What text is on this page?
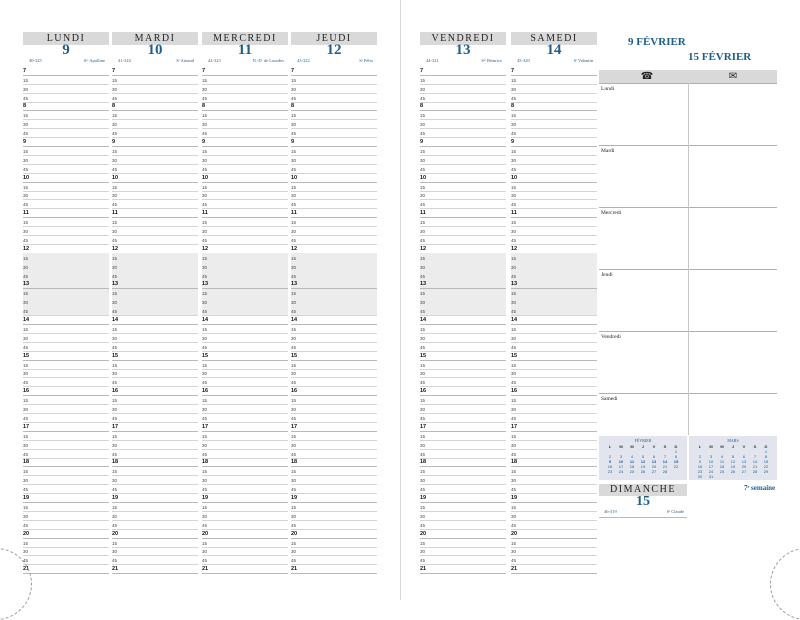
LUNDI
9
40-325	Sᵗᵉ Apolline
7
15
30
45
8
15
30
45
9
15
30
45
10
15
30
45
11
15
30
45
12
15
30
45
13
15
30
45
14
15
30
45
15
15
30
45
16
15
30
45
17
15
30
45
18
15
30
45
19
15
30
45
20
15
30
45
21
MARDI
10
41-324	Sᵗ Arnaud
7
15
30
45
8
15
30
45
9
15
30
45
10
15
30
45
11
15
30
45
12
15
30
45
13
15
30
45
14
15
30
45
15
15
30
45
16
15
30
45
17
15
30
45
18
15
30
45
19
15
30
45
20
15
30
45
21
MERCREDI
11
42-323	N.-D. de Lourdes
7
15
30
45
8
15
30
45
9
15
30
45
10
15
30
45
11
15
30
45
12
15
30
45
13
15
30
45
14
15
30
45
15
15
30
45
16
15
30
45
17
15
30
45
18
15
30
45
19
15
30
45
20
15
30
45
21
JEUDI
12
43-322	Sᵗ Félix
7
15
30
45
8
15
30
45
9
15
30
45
10
15
30
45
11
15
30
45
12
15
30
45
13
15
30
45
14
15
30
45
15
15
30
45
16
15
30
45
17
15
30
45
18
15
30
45
19
15
30
45
20
15
30
45
21
VENDREDI
13
44-321	Sᵗᵉ Béatrice
7
15
30
45
8
15
30
45
9
15
30
45
10
15
30
45
11
15
30
45
12
15
30
45
13
15
30
45
14
15
30
45
15
15
30
45
16
15
30
45
17
15
30
45
18
15
30
45
19
15
30
45
20
15
30
45
21
SAMEDI
14
45-320	Sᵗ Valentin
7
15
30
45
8
15
30
45
9
15
30
45
10
15
30
45
11
15
30
45
12
15
30
45
13
15
30
45
14
15
30
45
15
15
30
45
16
15
30
45
17
15
30
45
18
15
30
45
19
15
30
45
20
15
30
45
21
9 FÉVRIER
15 FÉVRIER
☎	✉
Lundi
Mardi
Mercredi
Jeudi
Vendredi
Samedi
FÉVRIER
L	M	M	J	V	S	D
						1
2	3	4	5	6	7	8
9	10	11	12	13	14	15
16	17	18	19	20	21	22
23	24	25	26	27	28	
MARS
L	M	M	J	V	S	D
						1
2	3	4	5	6	7	8
9	10	11	12	13	14	15
16	17	18	19	20	21	22
23	24	25	26	27	28	29
30	31					
DIMANCHE
15
46-319	Sᵗ Claude
7ᵉ semaine
